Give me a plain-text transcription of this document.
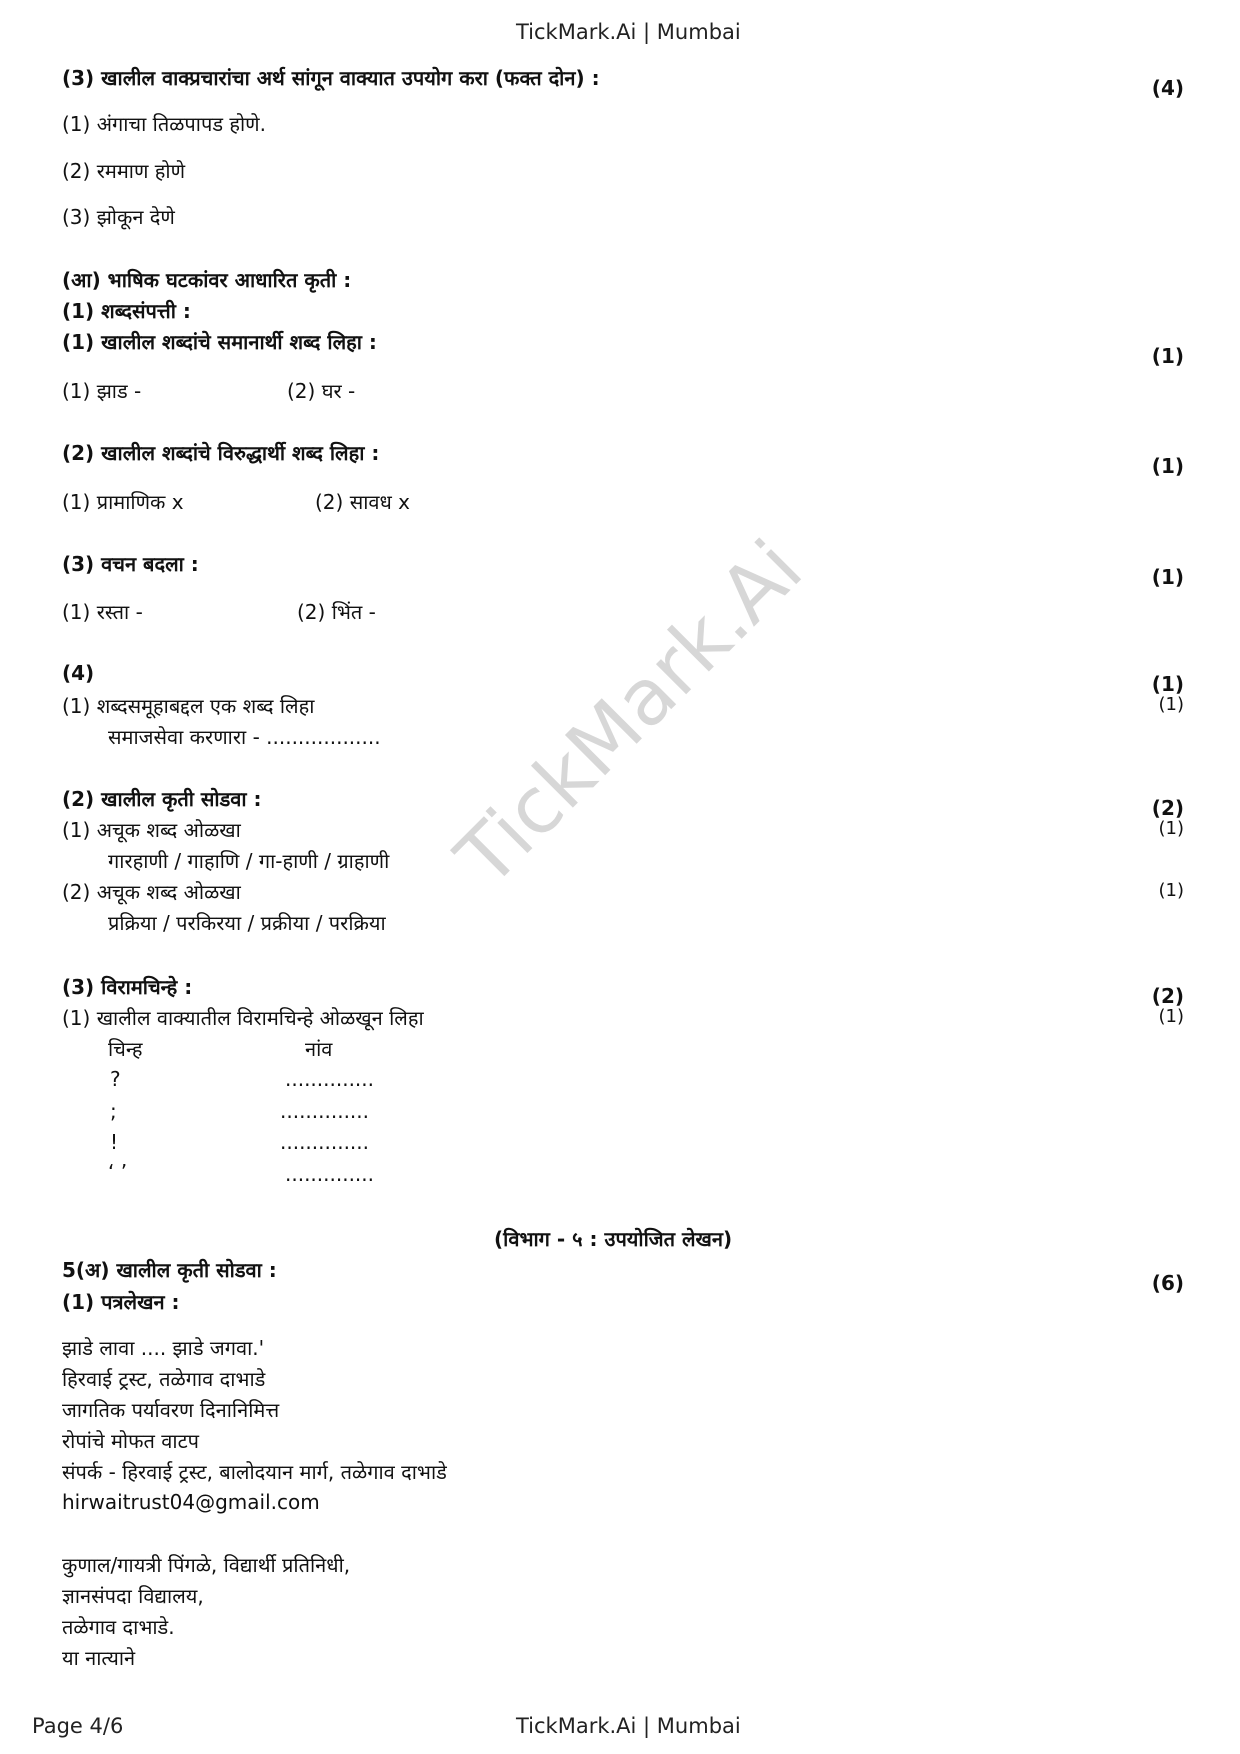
TickMark.Ai | Mumbai
TickMark.Ai
(3) खालील वाक्प्रचारांचा अर्थ सांगून वाक्यात उपयोग करा (फक्त दोन) :	(4)
(1) अंगाचा तिळपापड होणे.
(2) रममाण होणे
(3) झोकून देणे
(आ) भाषिक घटकांवर आधारित कृती :
(1) शब्दसंपत्ती :
(1) खालील शब्दांचे समानार्थी शब्द लिहा :
(1)
(1) झाड -	(2) घर -
(2) खालील शब्दांचे विरुद्धार्थी शब्द लिहा :
(1)
(1) प्रामाणिक x	(2) सावध x
(3) वचन बदला :
(1)
(1) रस्ता -	(2) भिंत -
(4)	(1)
(1)
(1) शब्दसमूहाबद्दल एक शब्द लिहा
समाजसेवा करणारा - ..................
(2) खालील कृती सोडवा :	(2)
(1)
(1) अचूक शब्द ओळखा
गारहाणी / गाहाणि / गा-हाणी / ग्राहाणी
(1)
(2) अचूक शब्द ओळखा
प्रक्रिया / परकिरया / प्रक्रीया / परक्रिया
(3) विरामचिन्हे :	(2)
(1)
(1) खालील वाक्यातील विरामचिन्हे ओळखून लिहा
चिन्ह	नांव
?	..............
;	..............
!	..............
‘ ’	..............
(विभाग - ५ : उपयोजित लेखन)
5(अ) खालील कृती सोडवा :
(6)
(1) पत्रलेखन :
झाडे लावा .... झाडे जगवा.'
हिरवाई ट्रस्ट, तळेगाव दाभाडे
जागतिक पर्यावरण दिनानिमित्त
रोपांचे मोफत वाटप
संपर्क - हिरवाई ट्रस्ट, बालोदयान मार्ग, तळेगाव दाभाडे
hirwaitrust04@gmail.com
कुणाल/गायत्री पिंगळे, विद्यार्थी प्रतिनिधी,
ज्ञानसंपदा विद्यालय,
तळेगाव दाभाडे.
या नात्याने
Page 4/6	TickMark.Ai | Mumbai
